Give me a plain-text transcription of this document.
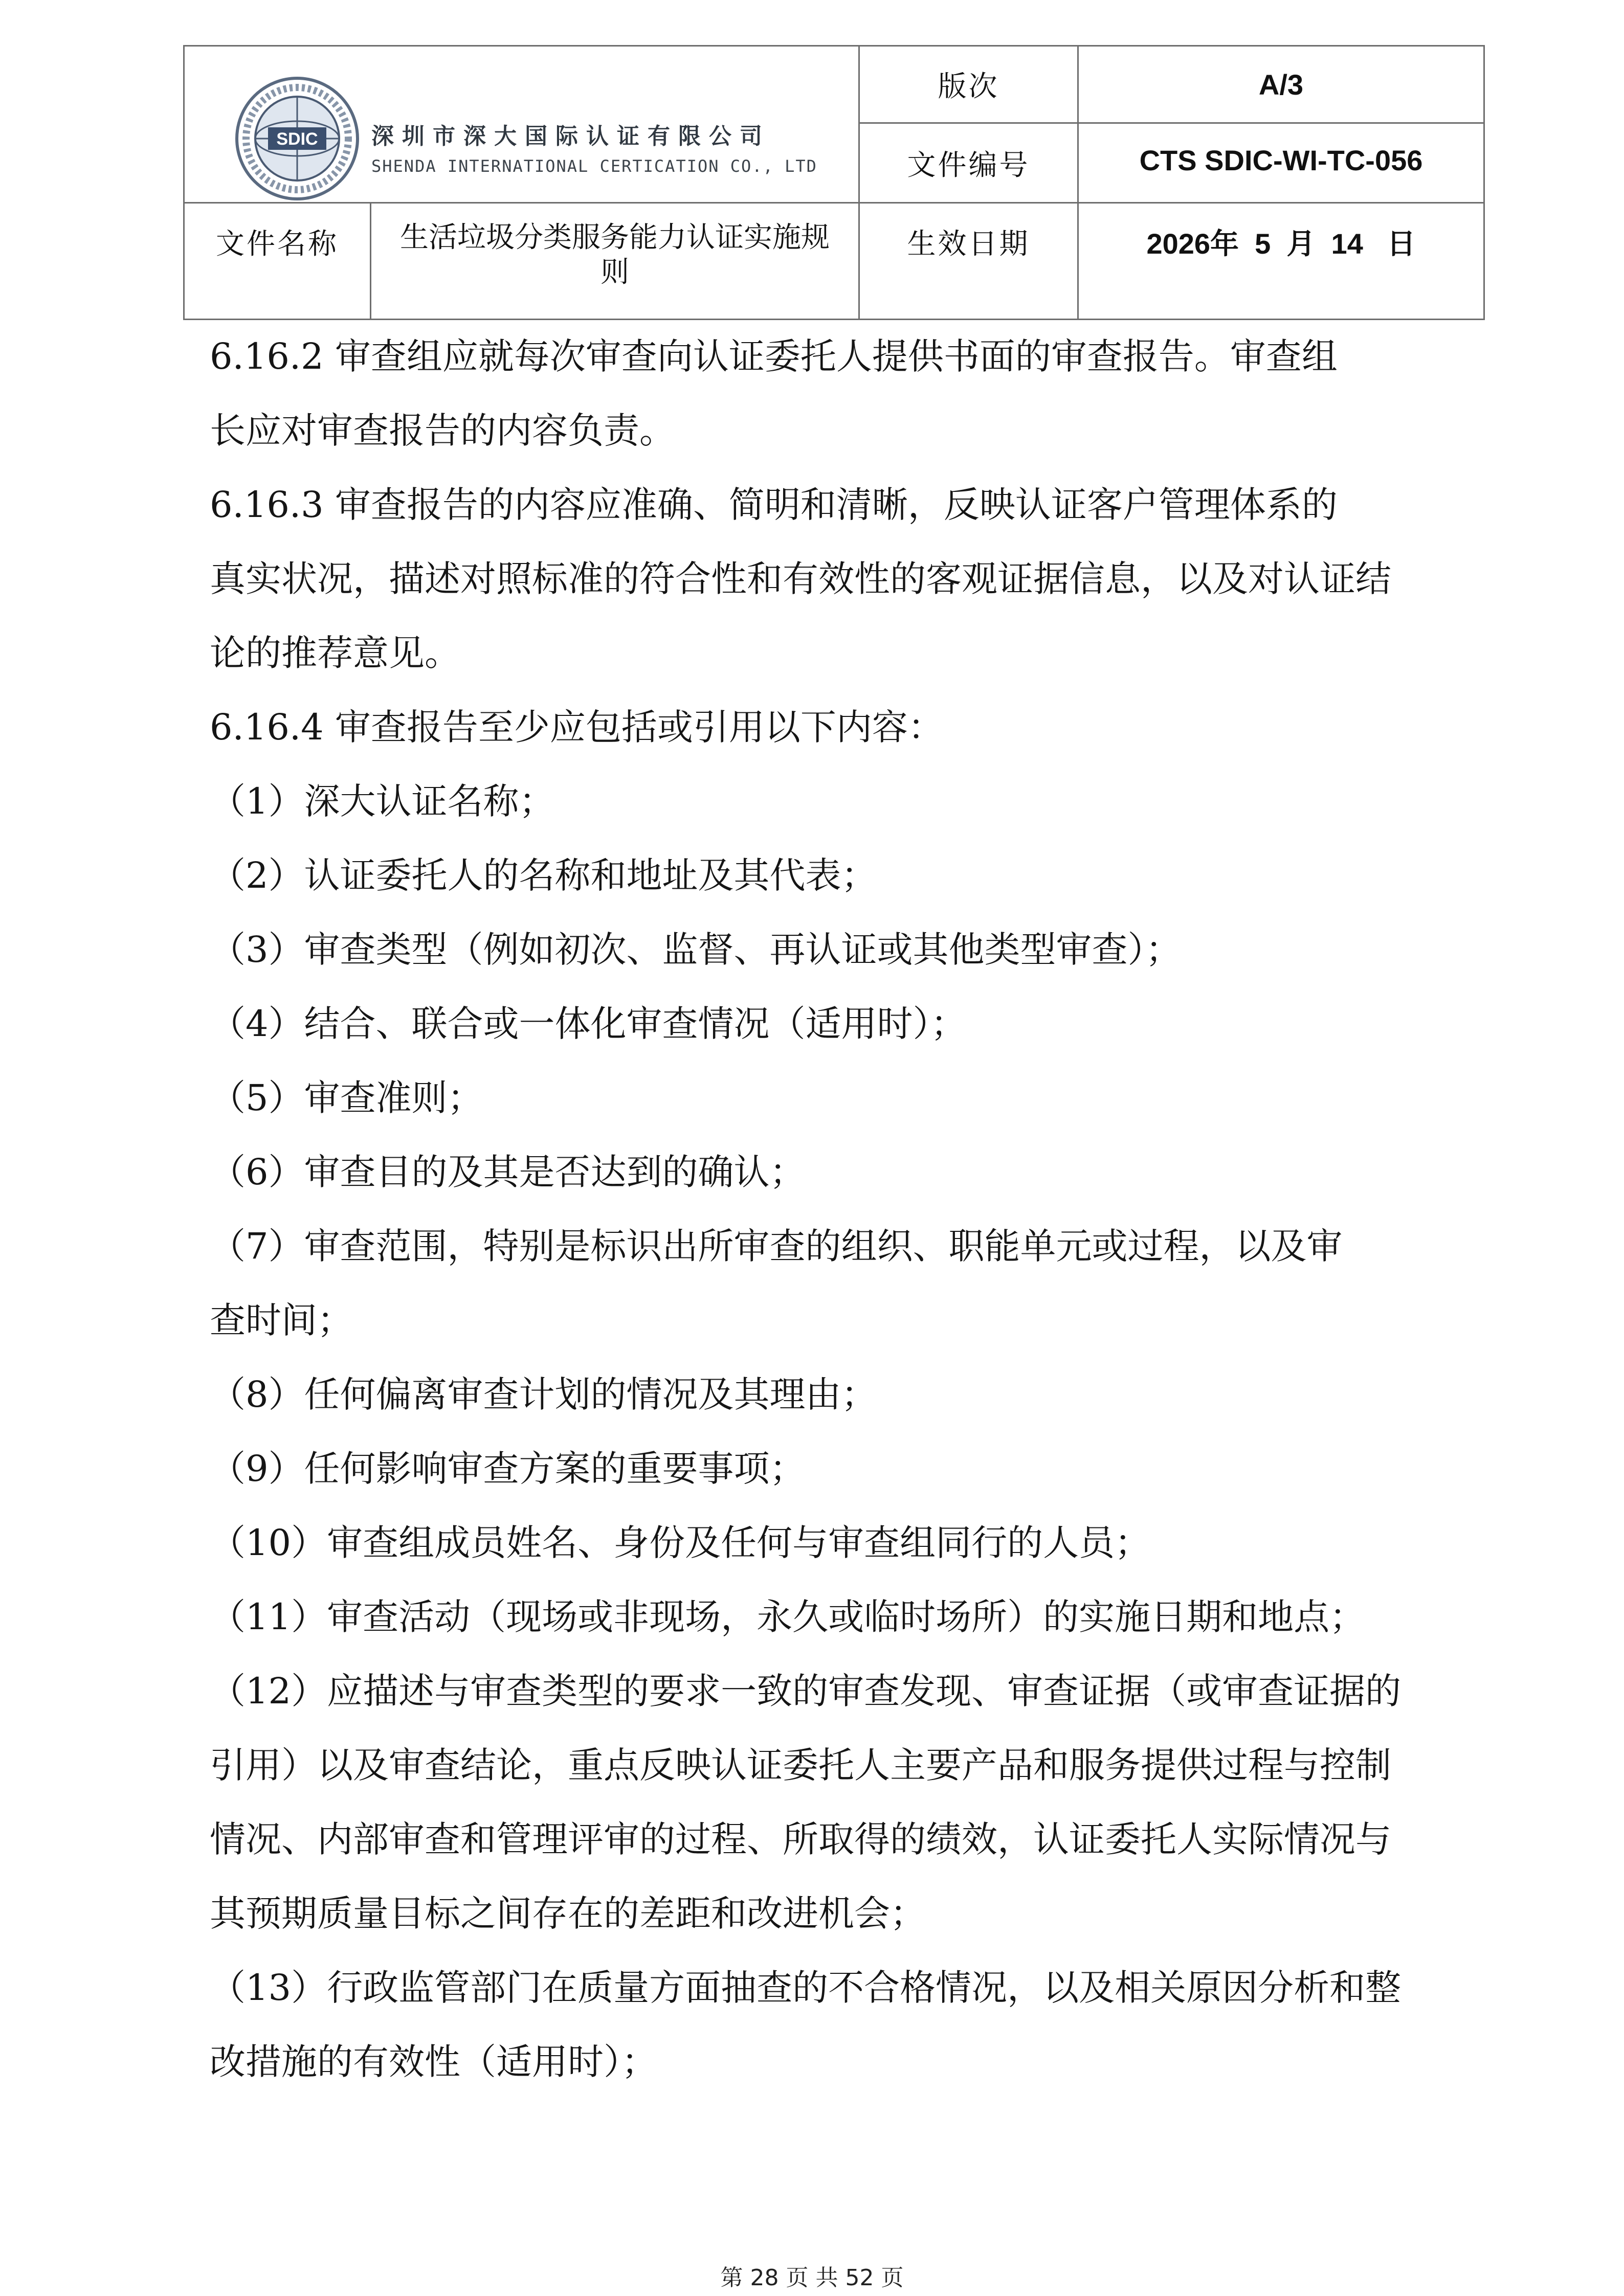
SDIC 深圳市深大国际认证有限公司
SHENDA INTERNATIONAL CERTICATION CO., LTD
版次	A/3
文件编号	CTS SDIC-WI-TC-056
文件名称	生活垃圾分类服务能力认证实施规
则
生效日期	2026年  5  月  14   日

6.16.2 审查组应就每次审查向认证委托人提供书面的审查报告。审查组

长应对审查报告的内容负责。

6.16.3 审查报告的内容应准确、简明和清晰，反映认证客户管理体系的

真实状况，描述对照标准的符合性和有效性的客观证据信息，以及对认证结

论的推荐意见。

6.16.4 审查报告至少应包括或引用以下内容：

（1）深大认证名称；

（2）认证委托人的名称和地址及其代表；

（3）审查类型（例如初次、监督、再认证或其他类型审查）；

（4）结合、联合或一体化审查情况（适用时）；

（5）审查准则；

（6）审查目的及其是否达到的确认；

（7）审查范围，特别是标识出所审查的组织、职能单元或过程，以及审

查时间；

（8）任何偏离审查计划的情况及其理由；

（9）任何影响审查方案的重要事项；

（10）审查组成员姓名、身份及任何与审查组同行的人员；

（11）审查活动（现场或非现场，永久或临时场所）的实施日期和地点；

（12）应描述与审查类型的要求一致的审查发现、审查证据（或审查证据的

引用）以及审查结论，重点反映认证委托人主要产品和服务提供过程与控制

情况、内部审查和管理评审的过程、所取得的绩效，认证委托人实际情况与

其预期质量目标之间存在的差距和改进机会；

（13）行政监管部门在质量方面抽查的不合格情况，以及相关原因分析和整

改措施的有效性（适用时）；

第 28 页 共 52 页
